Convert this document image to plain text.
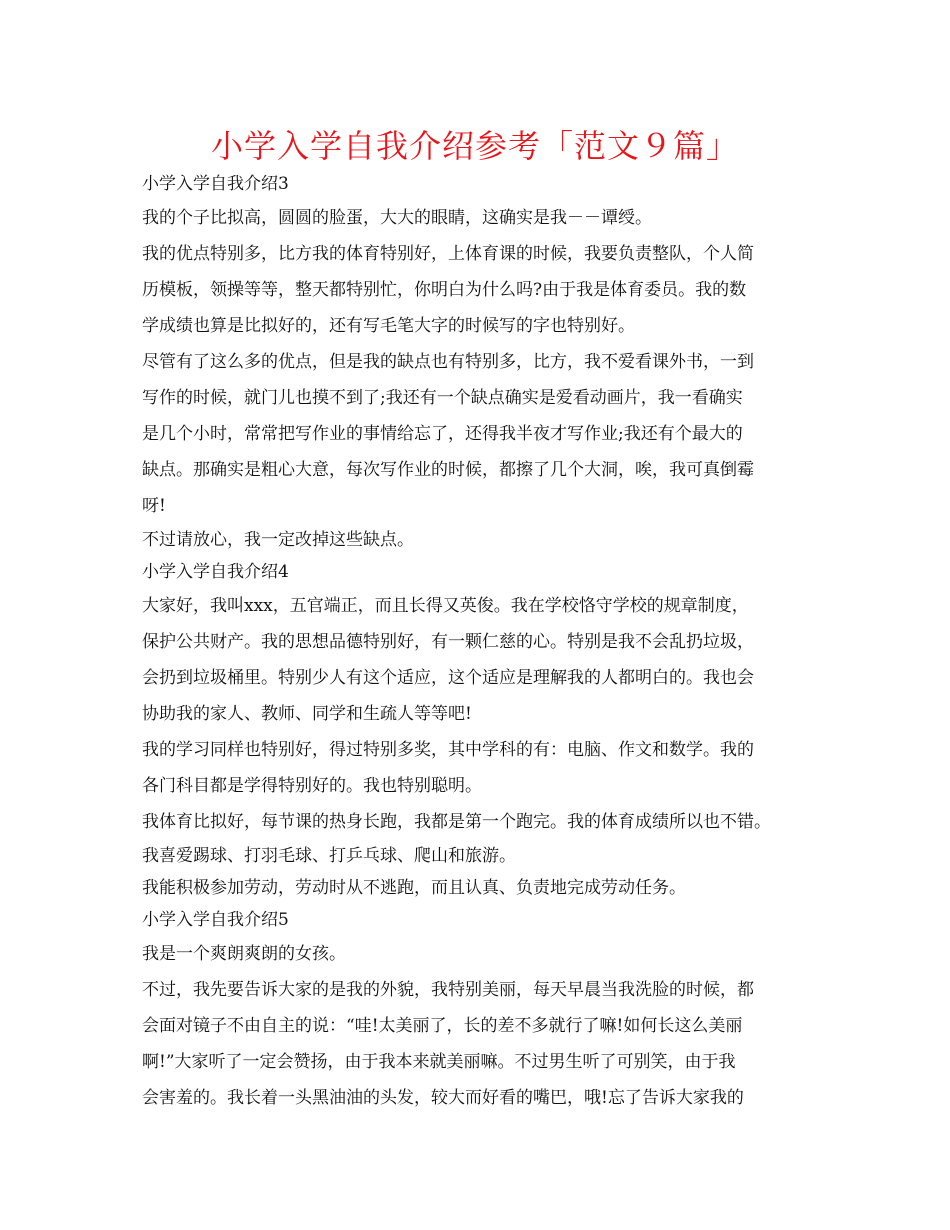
小学入学自我介绍参考「范文９篇」
小学入学自我介绍3
我的个子比拟高，圆圆的脸蛋，大大的眼睛，这确实是我－－谭绶。
我的优点特别多，比方我的体育特别好，上体育课的时候，我要负责整队，个人简
历模板，领操等等，整天都特别忙，你明白为什么吗?由于我是体育委员。我的数
学成绩也算是比拟好的，还有写毛笔大字的时候写的字也特别好。
尽管有了这么多的优点，但是我的缺点也有特别多，比方，我不爱看课外书，一到
写作的时候，就门儿也摸不到了;我还有一个缺点确实是爱看动画片，我一看确实
是几个小时，常常把写作业的事情给忘了，还得我半夜才写作业;我还有个最大的
缺点。那确实是粗心大意，每次写作业的时候，都擦了几个大洞，唉，我可真倒霉
呀!
不过请放心，我一定改掉这些缺点。
小学入学自我介绍4
大家好，我叫xxx，五官端正，而且长得又英俊。我在学校恪守学校的规章制度，
保护公共财产。我的思想品德特别好，有一颗仁慈的心。特别是我不会乱扔垃圾，
会扔到垃圾桶里。特别少人有这个适应，这个适应是理解我的人都明白的。我也会
协助我的家人、教师、同学和生疏人等等吧!
我的学习同样也特别好，得过特别多奖，其中学科的有：电脑、作文和数学。我的
各门科目都是学得特别好的。我也特别聪明。
我体育比拟好，每节课的热身长跑，我都是第一个跑完。我的体育成绩所以也不错。
我喜爱踢球、打羽毛球、打乒乓球、爬山和旅游。
我能积极参加劳动，劳动时从不逃跑，而且认真、负责地完成劳动任务。
小学入学自我介绍5
我是一个爽朗爽朗的女孩。
不过，我先要告诉大家的是我的外貌，我特别美丽，每天早晨当我洗脸的时候，都
会面对镜子不由自主的说：“哇!太美丽了，长的差不多就行了嘛!如何长这么美丽
啊!”大家听了一定会赞扬，由于我本来就美丽嘛。不过男生听了可别笑，由于我
会害羞的。我长着一头黑油油的头发，较大而好看的嘴巴，哦!忘了告诉大家我的
